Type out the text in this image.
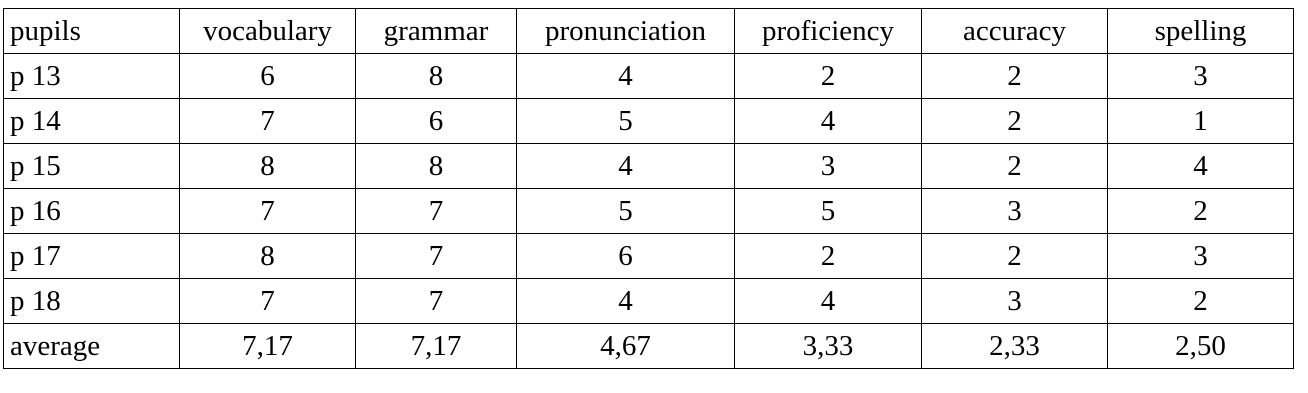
pupils	vocabulary	grammar	pronunciation	proficiency	accuracy	spelling
p 13	6	8	4	2	2	3
p 14	7	6	5	4	2	1
p 15	8	8	4	3	2	4
p 16	7	7	5	5	3	2
p 17	8	7	6	2	2	3
p 18	7	7	4	4	3	2
average	7,17	7,17	4,67	3,33	2,33	2,50
